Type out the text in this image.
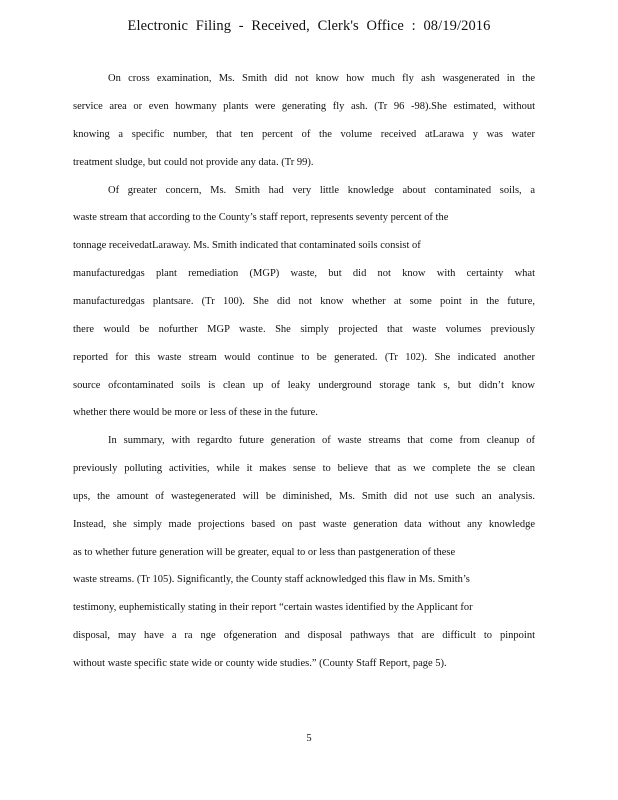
Electronic Filing - Received, Clerk's Office : 08/19/2016
On cross examination, Ms. Smith did not know how much fly ash wasgenerated in the
service area or even howmany plants were generating fly ash. (Tr 96 -98).She estimated, without
knowing a specific number, that ten percent of the volume received atLarawa y was water
treatment sludge, but could not provide any data. (Tr 99).
Of greater concern, Ms. Smith had very little knowledge about contaminated soils, a
waste stream that according to the County’s staff report, represents seventy percent of the
tonnage receivedatLaraway. Ms. Smith indicated that contaminated soils consist of
manufacturedgas plant remediation (MGP) waste, but did not know with certainty what
manufacturedgas plantsare. (Tr 100). She did not know whether at some point in the future,
there would be nofurther MGP waste. She simply projected that waste volumes previously
reported for this waste stream would continue to be generated. (Tr 102). She indicated another
source ofcontaminated soils is clean up of leaky underground storage tank s, but didn’t know
whether there would be more or less of these in the future.
In summary, with regardto future generation of waste streams that come from cleanup of
previously polluting activities, while it makes sense to believe that as we complete the se clean
ups, the amount of wastegenerated will be diminished, Ms. Smith did not use such an analysis.
Instead, she simply made projections based on past waste generation data without any knowledge
as to whether future generation will be greater, equal to or less than pastgeneration of these
waste streams. (Tr 105). Significantly, the County staff acknowledged this flaw in Ms. Smith’s
testimony, euphemistically stating in their report “certain wastes identified by the Applicant for
disposal, may have a ra nge ofgeneration and disposal pathways that are difficult to pinpoint
without waste specific state wide or county wide studies.” (County Staff Report, page 5).
5
